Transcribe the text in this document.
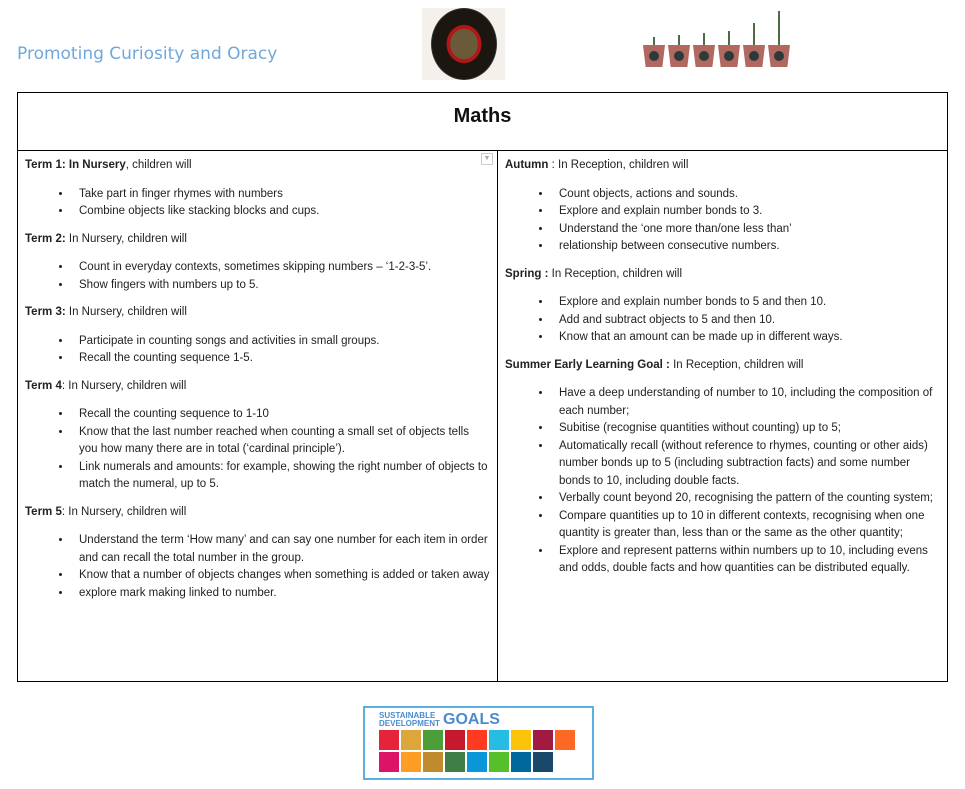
Promoting Curiosity and Oracy
Maths

▼
Term 1: In Nursery, children will
• Take part in finger rhymes with numbers
• Combine objects like stacking blocks and cups.
Term 2: In Nursery, children will
• Count in everyday contexts, sometimes skipping numbers – ‘1-2-3-5’.
• Show fingers with numbers up to 5.
Term 3: In Nursery, children will
• Participate in counting songs and activities in small groups.
• Recall the counting sequence 1-5.
Term 4: In Nursery, children will
• Recall the counting sequence to 1-10
• Know that the last number reached when counting a small set of objects tells you how many there are in total (‘cardinal principle’).
• Link numerals and amounts: for example, showing the right number of objects to match the numeral, up to 5.
Term 5: In Nursery, children will
• Understand the term ‘How many’ and can say one number for each item in order and can recall the total number in the group.
• Know that a number of objects changes when something is added or taken away
• explore mark making linked to number.

Autumn : In Reception, children will
• Count objects, actions and sounds.
• Explore and explain number bonds to 3.
• Understand the ‘one more than/one less than’
• relationship between consecutive numbers.
Spring : In Reception, children will
• Explore and explain number bonds to 5 and then 10.
• Add and subtract objects to 5 and then 10.
• Know that an amount can be made up in different ways.
Summer Early Learning Goal : In Reception, children will
• Have a deep understanding of number to 10, including the composition of each number;
• Subitise (recognise quantities without counting) up to 5;
• Automatically recall (without reference to rhymes, counting or other aids) number bonds up to 5 (including subtraction facts) and some number bonds to 10, including double facts.
• Verbally count beyond 20, recognising the pattern of the counting system;
• Compare quantities up to 10 in different contexts, recognising when one quantity is greater than, less than or the same as the other quantity;
• Explore and represent patterns within numbers up to 10, including evens and odds, double facts and how quantities can be distributed equally.
SUSTAINABLE
DEVELOPMENT GOALS
